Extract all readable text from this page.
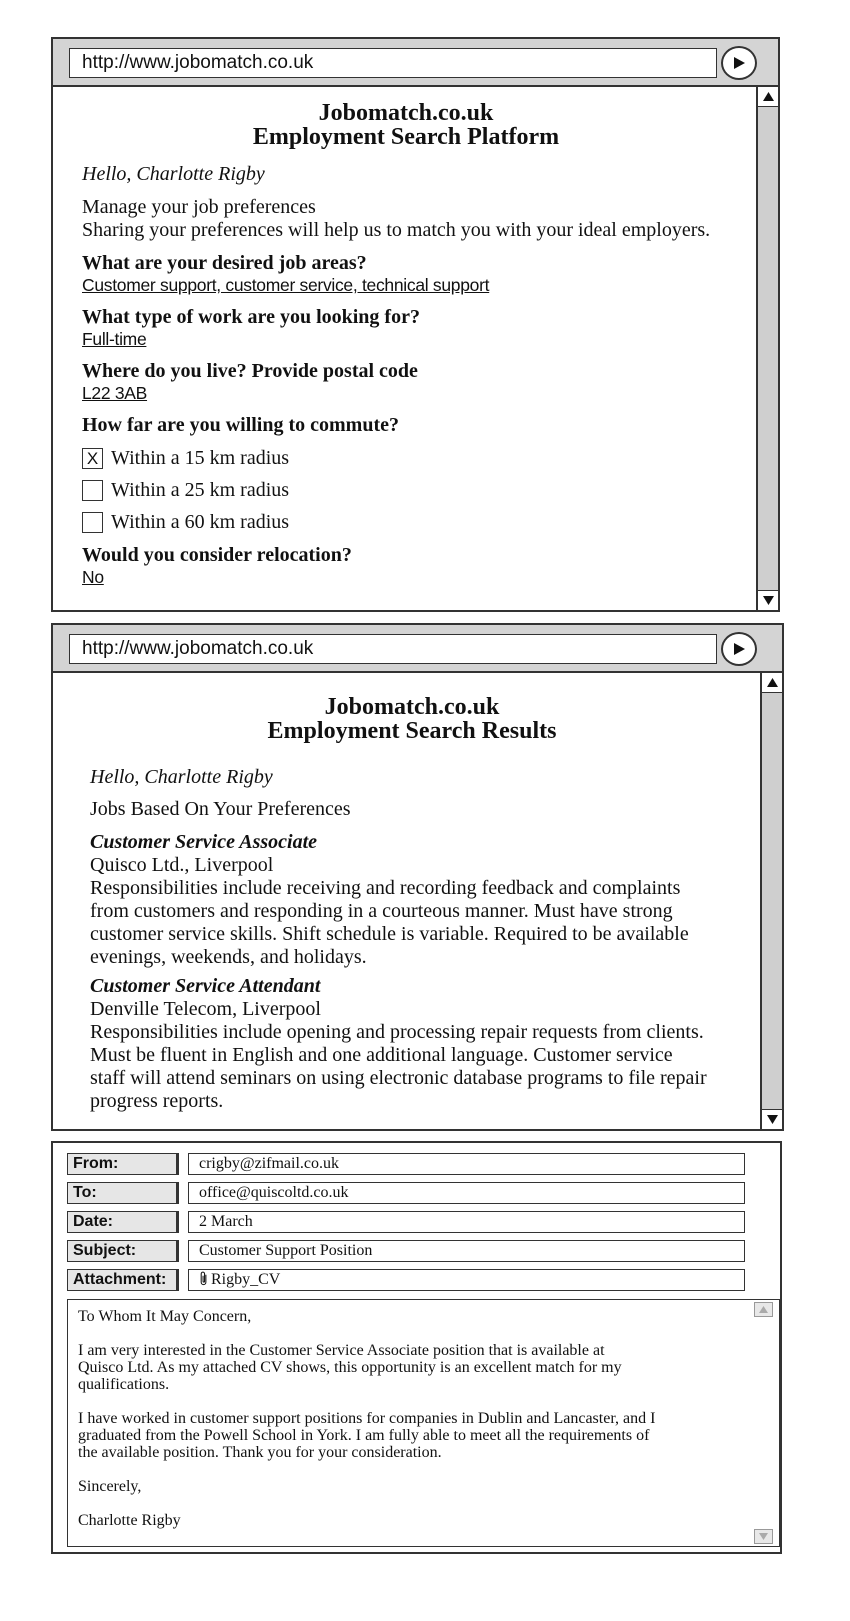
http://www.jobomatch.co.uk
Jobomatch.co.uk
Employment Search Platform
Hello, Charlotte Rigby
Manage your job preferences
Sharing your preferences will help us to match you with your ideal employers.
What are your desired job areas?
Customer support, customer service, technical support
What type of work are you looking for?
Full-time
Where do you live? Provide postal code
L22 3AB
How far are you willing to commute?
X Within a 15 km radius
Within a 25 km radius
Within a 60 km radius
Would you consider relocation?
No
http://www.jobomatch.co.uk
Jobomatch.co.uk
Employment Search Results
Hello, Charlotte Rigby
Jobs Based On Your Preferences
Customer Service Associate
Quisco Ltd., Liverpool
Responsibilities include receiving and recording feedback and complaints
from customers and responding in a courteous manner. Must have strong
customer service skills. Shift schedule is variable. Required to be available
evenings, weekends, and holidays.
Customer Service Attendant
Denville Telecom, Liverpool
Responsibilities include opening and processing repair requests from clients.
Must be fluent in English and one additional language. Customer service
staff will attend seminars on using electronic database programs to file repair
progress reports.
From:	crigby@zifmail.co.uk
To:	office@quiscoltd.co.uk
Date:	2 March
Subject:	Customer Support Position
Attachment:	Rigby_CV

To Whom It May Concern,

I am very interested in the Customer Service Associate position that is available at
Quisco Ltd. As my attached CV shows, this opportunity is an excellent match for my
qualifications.

I have worked in customer support positions for companies in Dublin and Lancaster, and I
graduated from the Powell School in York. I am fully able to meet all the requirements of
the available position. Thank you for your consideration.

Sincerely,

Charlotte Rigby
